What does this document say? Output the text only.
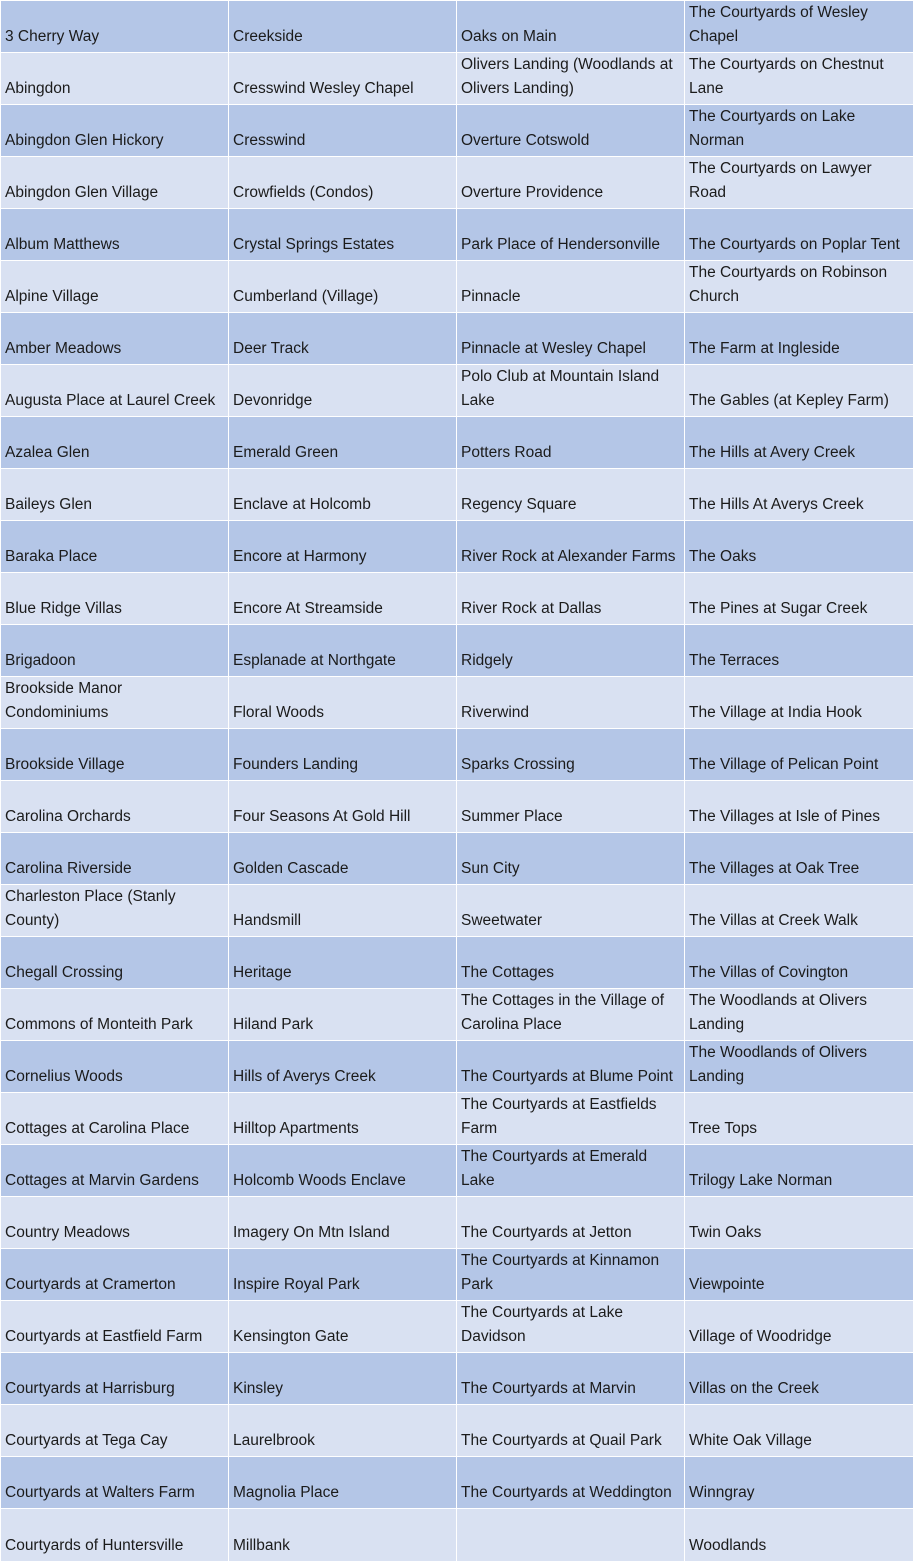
3 Cherry Way	Creekside	Oaks on Main	The Courtyards of Wesley Chapel
Abingdon	Cresswind Wesley Chapel	Olivers Landing (Woodlands at Olivers Landing)	The Courtyards on Chestnut Lane
Abingdon Glen Hickory	Cresswind	Overture Cotswold	The Courtyards on Lake Norman
Abingdon Glen Village	Crowfields (Condos)	Overture Providence	The Courtyards on Lawyer Road
Album Matthews	Crystal Springs Estates	Park Place of Hendersonville	The Courtyards on Poplar Tent
Alpine Village	Cumberland (Village)	Pinnacle	The Courtyards on Robinson Church
Amber Meadows	Deer Track	Pinnacle at Wesley Chapel	The Farm at Ingleside
Augusta Place at Laurel Creek	Devonridge	Polo Club at Mountain Island Lake	The Gables (at Kepley Farm)
Azalea Glen	Emerald Green	Potters Road	The Hills at Avery Creek
Baileys Glen	Enclave at Holcomb	Regency Square	The Hills At Averys Creek
Baraka Place	Encore at Harmony	River Rock at Alexander Farms	The Oaks
Blue Ridge Villas	Encore At Streamside	River Rock at Dallas	The Pines at Sugar Creek
Brigadoon	Esplanade at Northgate	Ridgely	The Terraces
Brookside Manor Condominiums	Floral Woods	Riverwind	The Village at India Hook
Brookside Village	Founders Landing	Sparks Crossing	The Village of Pelican Point
Carolina Orchards	Four Seasons At Gold Hill	Summer Place	The Villages at Isle of Pines
Carolina Riverside	Golden Cascade	Sun City	The Villages at Oak Tree
Charleston Place (Stanly County)	Handsmill	Sweetwater	The Villas at Creek Walk
Chegall Crossing	Heritage	The Cottages	The Villas of Covington
Commons of Monteith Park	Hiland Park	The Cottages in the Village of Carolina Place	The Woodlands at Olivers Landing
Cornelius Woods	Hills of Averys Creek	The Courtyards at Blume Point	The Woodlands of Olivers Landing
Cottages at Carolina Place	Hilltop Apartments	The Courtyards at Eastfields Farm	Tree Tops
Cottages at Marvin Gardens	Holcomb Woods Enclave	The Courtyards at Emerald Lake	Trilogy Lake Norman
Country Meadows	Imagery On Mtn Island	The Courtyards at Jetton	Twin Oaks
Courtyards at Cramerton	Inspire Royal Park	The Courtyards at Kinnamon Park	Viewpointe
Courtyards at Eastfield Farm	Kensington Gate	The Courtyards at Lake Davidson	Village of Woodridge
Courtyards at Harrisburg	Kinsley	The Courtyards at Marvin	Villas on the Creek
Courtyards at Tega Cay	Laurelbrook	The Courtyards at Quail Park	White Oak Village
Courtyards at Walters Farm	Magnolia Place	The Courtyards at Weddington	Winngray
Courtyards of Huntersville	Millbank		Woodlands
